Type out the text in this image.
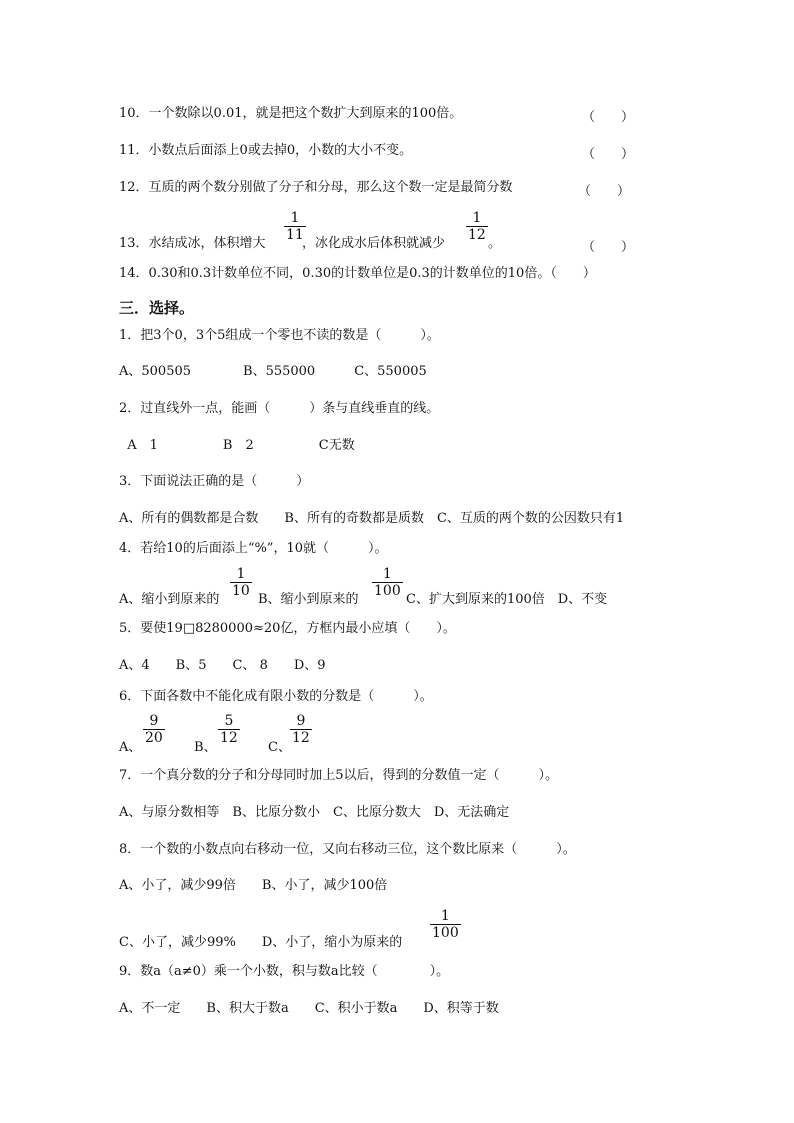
10．一个数除以0.01，就是把这个数扩大到原来的100倍。	（　　）
11．小数点后面添上0或去掉0，小数的大小不变。	（　　）
12．互质的两个数分别做了分子和分母，那么这个数一定是最简分数	（　　）
13．水结成冰，体积增大
1
11
，冰化成水后体积就减少
1
12
。	（　　）
14．0.30和0.3计数单位不同，0.30的计数单位是0.3的计数单位的10倍。（　　）
三．选择。
1．把3个0，3个5组成一个零也不读的数是（　　　）。
A、500505　　　　B、555000　　　C、550005
2．过直线外一点，能画（　　　）条与直线垂直的线。
A　1　　　　　B　2　　　　　C无数
3．下面说法正确的是（　　　）
A、所有的偶数都是合数　　B、所有的奇数都是质数　C、互质的两个数的公因数只有1
4．若给10的后面添上“%”，10就（　　　）。
A、缩小到原来的
1
10
B、缩小到原来的
1
100
C、扩大到原来的100倍　D、不变
5．要使19□8280000≈20亿，方框内最小应填（　　）。
A、4　　B、5　　C、 8　　D、9
6．下面各数中不能化成有限小数的分数是（　　　）。
A、
9
20
B、
5
12
C、
9
12
7．一个真分数的分子和分母同时加上5以后，得到的分数值一定（　　　）。
A、与原分数相等　B、比原分数小　C、比原分数大　D、无法确定
8．一个数的小数点向右移动一位，又向右移动三位，这个数比原来（　　　）。
A、小了，减少99倍　　B、小了，减少100倍
C、小了，减少99%　　D、小了，缩小为原来的
1
100
9．数a（a≠0）乘一个小数，积与数a比较（　　　　）。
A、不一定　　B、积大于数a　　C、积小于数a　　D、积等于数
